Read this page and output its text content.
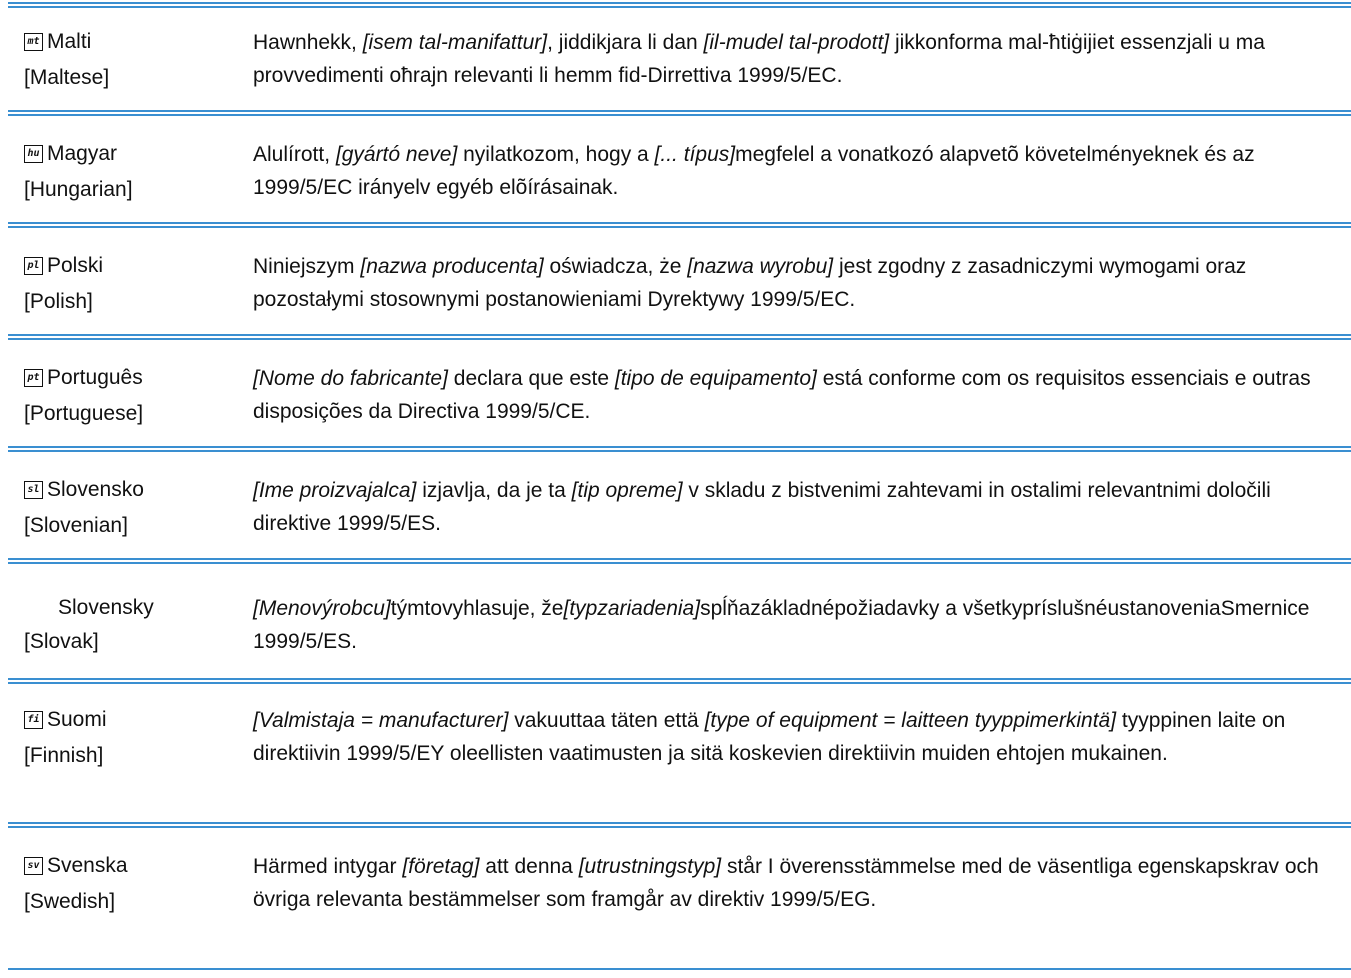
mt Malti
[Maltese]
Hawnhekk, [isem tal-manifattur], jiddikjara li dan [il-mudel tal-prodott] jikkonforma mal-ħtiġijiet essenzjali u ma provvedimenti oħrajn relevanti li hemm fid-Dirrettiva 1999/5/EC.
hu Magyar
[Hungarian]
Alulírott, [gyártó neve] nyilatkozom, hogy a [... típus]megfelel a vonatkozó alapvetõ követelményeknek és az 1999/5/EC irányelv egyéb elõírásainak.
pl Polski
[Polish]
Niniejszym [nazwa producenta] oświadcza, że [nazwa wyrobu] jest zgodny z zasadniczymi wymogami oraz pozostałymi stosownymi postanowieniami Dyrektywy 1999/5/EC.
pt Português
[Portuguese]
[Nome do fabricante] declara que este [tipo de equipamento] está conforme com os requisitos essenciais e outras disposições da Directiva 1999/5/CE.
sl Slovensko
[Slovenian]
[Ime proizvajalca] izjavlja, da je ta [tip opreme] v skladu z bistvenimi zahtevami in ostalimi relevantnimi določili direktive 1999/5/ES.
Slovensky
[Slovak]
[Menovýrobcu]týmtovyhlasuje, že[typzariadenia]spĺňazákladnépožiadavky a všetkypríslušnéustanoveniaSmernice 1999/5/ES.
fi Suomi
[Finnish]
[Valmistaja = manufacturer] vakuuttaa täten että [type of equipment = laitteen tyyppimerkintä] tyyppinen laite on direktiivin 1999/5/EY oleellisten vaatimusten ja sitä koskevien direktiivin muiden ehtojen mukainen.
sv Svenska
[Swedish]
Härmed intygar [företag] att denna [utrustningstyp] står I överensstämmelse med de väsentliga egenskapskrav och övriga relevanta bestämmelser som framgår av direktiv 1999/5/EG.
